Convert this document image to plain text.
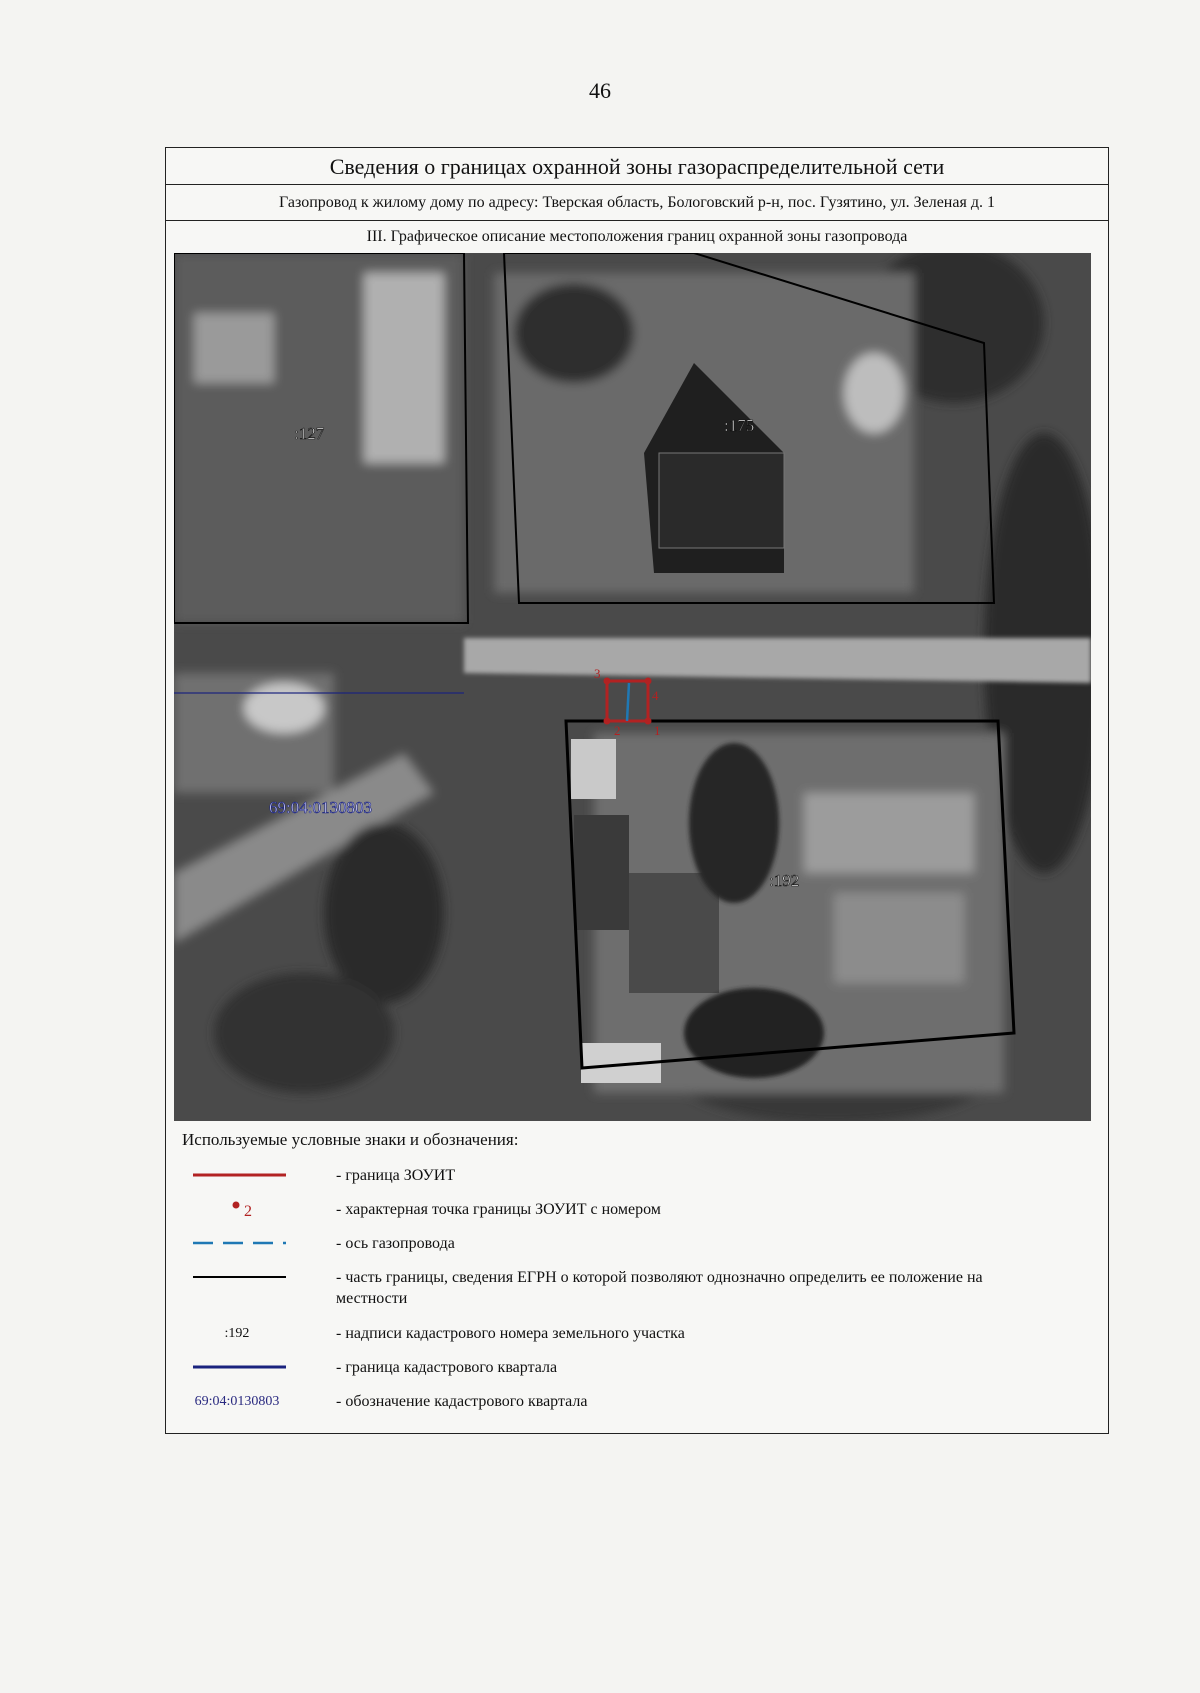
46
Сведения о границах охранной зоны газораспределительной сети
Газопровод к жилому дому по адресу: Тверская область, Бологовский р-н, пос. Гузятино, ул. Зеленая д. 1
III. Графическое описание местоположения границ охранной зоны газопровода
1
2
3
4
:127	:175
:192
69:04:0130803
Используемые условные знаки и обозначения:
- граница ЗОУИТ
2	- характерная точка границы ЗОУИТ с номером
- ось газопровода
- часть границы, сведения ЕГРН о которой позволяют однозначно определить ее положение на местности
:192	- надписи кадастрового номера земельного участка
- граница кадастрового квартала
69:04:0130803	- обозначение кадастрового квартала
